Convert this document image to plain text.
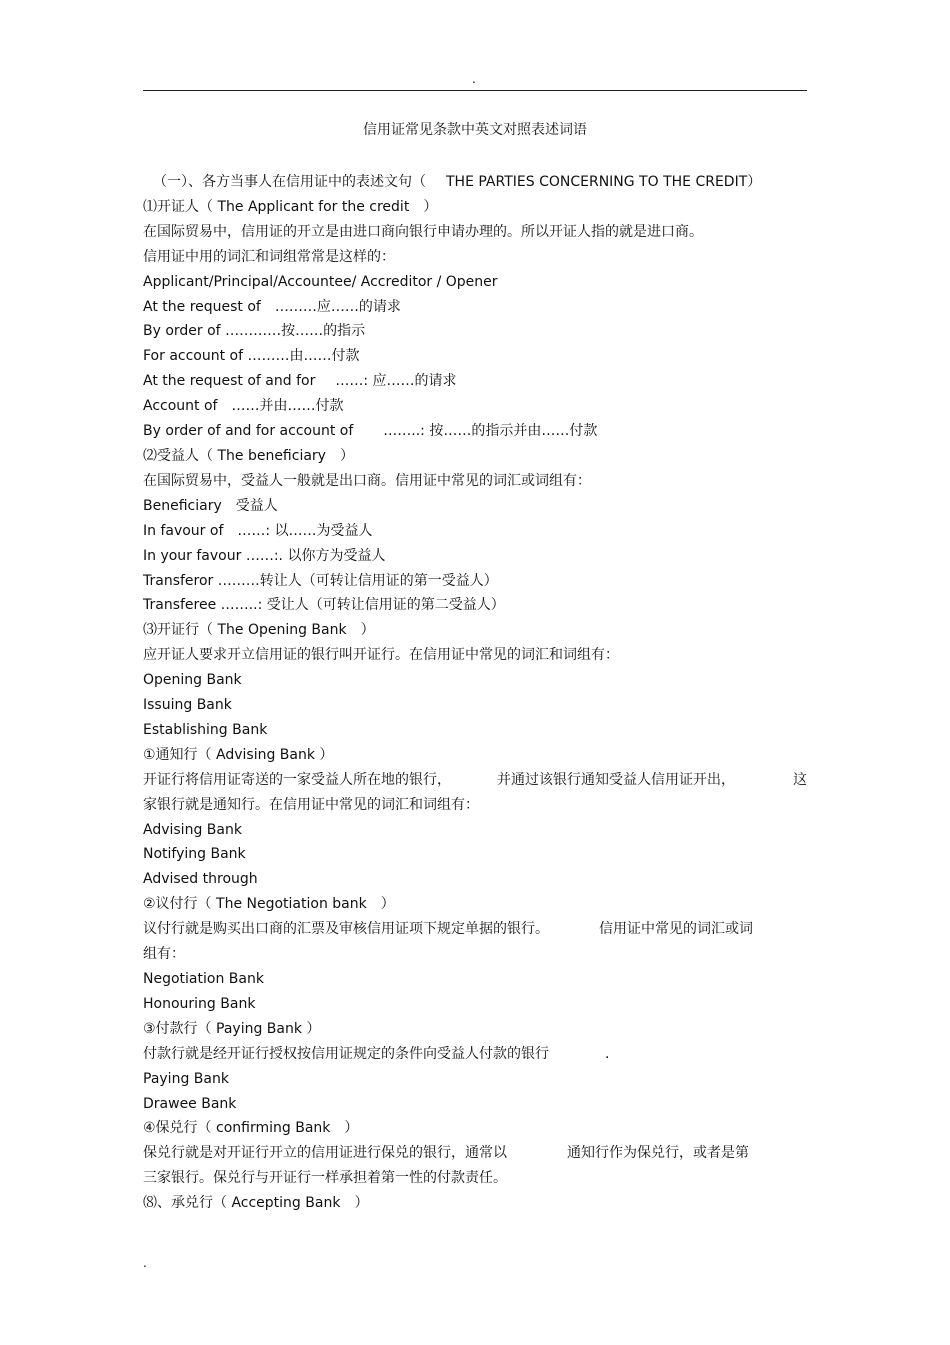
.
信用证常见条款中英文对照表述词语
（一）、各方当事人在信用证中的表述文句（ THE PARTIES CONCERNING TO THE CREDIT）
⑴开证人（ The Applicant for the credit ）
在国际贸易中，信用证的开立是由进口商向银行申请办理的。所以开证人指的就是进口商。
信用证中用的词汇和词组常常是这样的：
Applicant/Principal/Accountee/ Accreditor / Opener
At the request of ………应……的请求
By order of …………按……的指示
For account of ………由……付款
At the request of and for ……: 应……的请求
Account of ……并由……付款
By order of and for account of ……..: 按……的指示并由……付款
⑵受益人（ The beneficiary ）
在国际贸易中，受益人一般就是出口商。信用证中常见的词汇或词组有：
Beneficiary 受益人
In favour of ……: 以……为受益人
In your favour ……:. 以你方为受益人
Transferor ………转让人（可转让信用证的第一受益人）
Transferee ……..: 受让人（可转让信用证的第二受益人）
⑶开证行（ The Opening Bank ）
应开证人要求开立信用证的银行叫开证行。在信用证中常见的词汇和词组有：
Opening Bank
Issuing Bank
Establishing Bank
①通知行（ Advising Bank ）
开证行将信用证寄送的一家受益人所在地的银行，	并通过该银行通知受益人信用证开出，	这
家银行就是通知行。在信用证中常见的词汇和词组有：
Advising Bank
Notifying Bank
Advised through
②议付行（ The Negotiation bank ）
议付行就是购买出口商的汇票及审核信用证项下规定单据的银行。	信用证中常见的词汇或词
组有：
Negotiation Bank
Honouring Bank
③付款行（ Paying Bank ）
付款行就是经开证行授权按信用证规定的条件向受益人付款的银行	.
Paying Bank
Drawee Bank
④保兑行（ confirming Bank ）
保兑行就是对开证行开立的信用证进行保兑的银行，通常以	通知行作为保兑行，或者是第
三家银行。保兑行与开证行一样承担着第一性的付款责任。
⑻、承兑行（ Accepting Bank ）
.
